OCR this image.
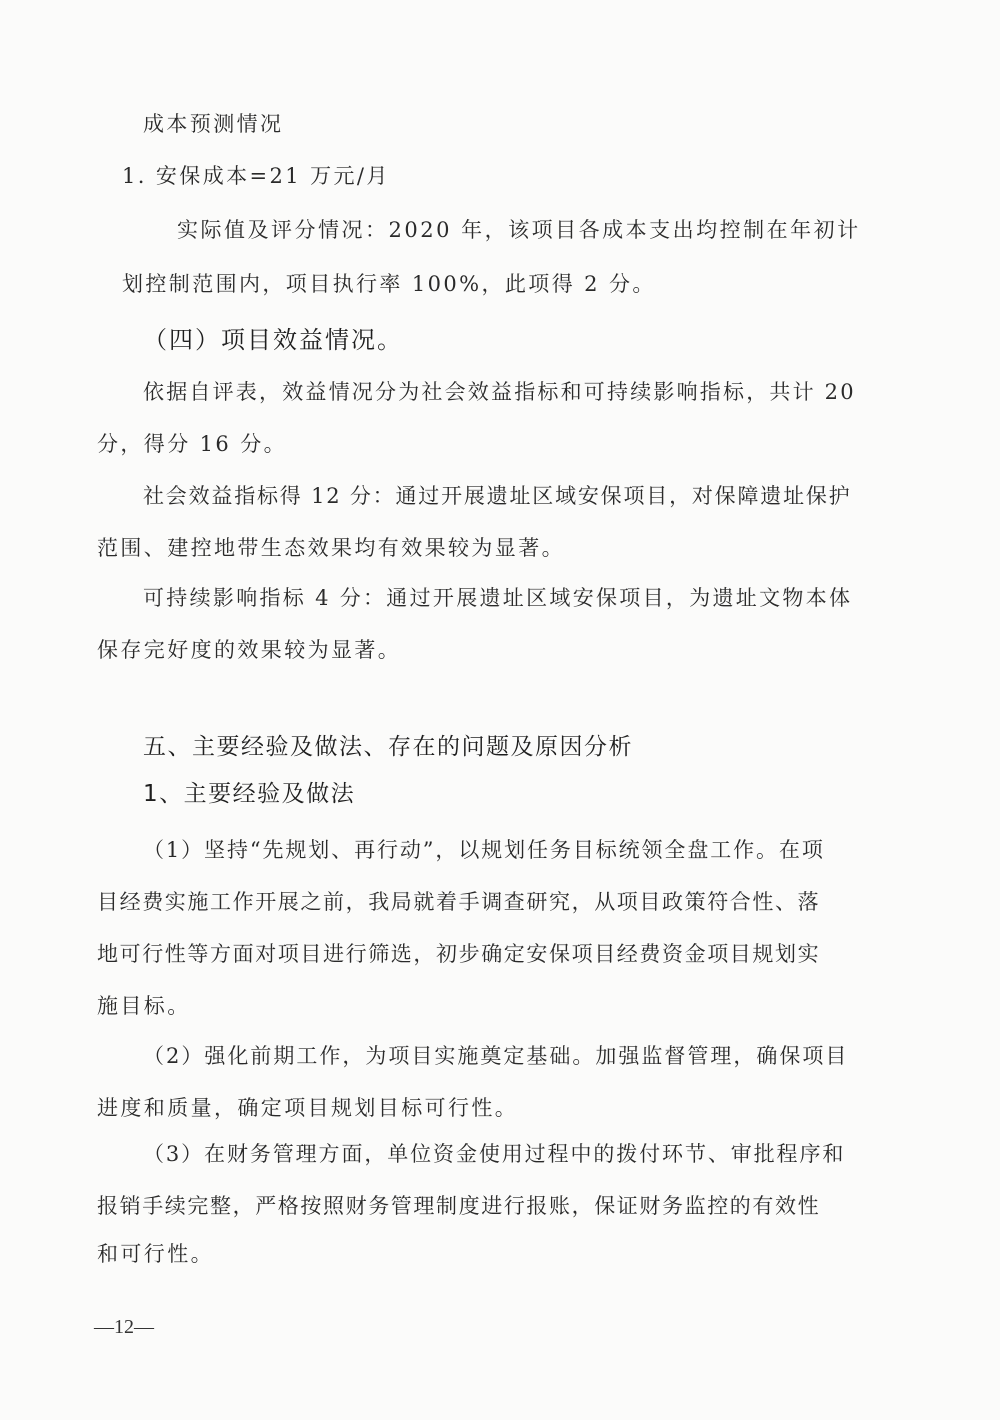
成本预测情况
1. 安保成本=21 万元/月
实际值及评分情况：2020 年，该项目各成本支出均控制在年初计
划控制范围内，项目执行率 100%，此项得 2 分。
（四）项目效益情况。
依据自评表，效益情况分为社会效益指标和可持续影响指标，共计 20
分，得分 16 分。
社会效益指标得 12 分：通过开展遗址区域安保项目，对保障遗址保护
范围、建控地带生态效果均有效果较为显著。
可持续影响指标 4 分：通过开展遗址区域安保项目，为遗址文物本体
保存完好度的效果较为显著。
五、主要经验及做法、存在的问题及原因分析
1、主要经验及做法
（1）坚持“先规划、再行动”，以规划任务目标统领全盘工作。在项
目经费实施工作开展之前，我局就着手调查研究，从项目政策符合性、落
地可行性等方面对项目进行筛选，初步确定安保项目经费资金项目规划实
施目标。
（2）强化前期工作，为项目实施奠定基础。加强监督管理，确保项目
进度和质量，确定项目规划目标可行性。
（3）在财务管理方面，单位资金使用过程中的拨付环节、审批程序和
报销手续完整，严格按照财务管理制度进行报账，保证财务监控的有效性
和可行性。
—12—
